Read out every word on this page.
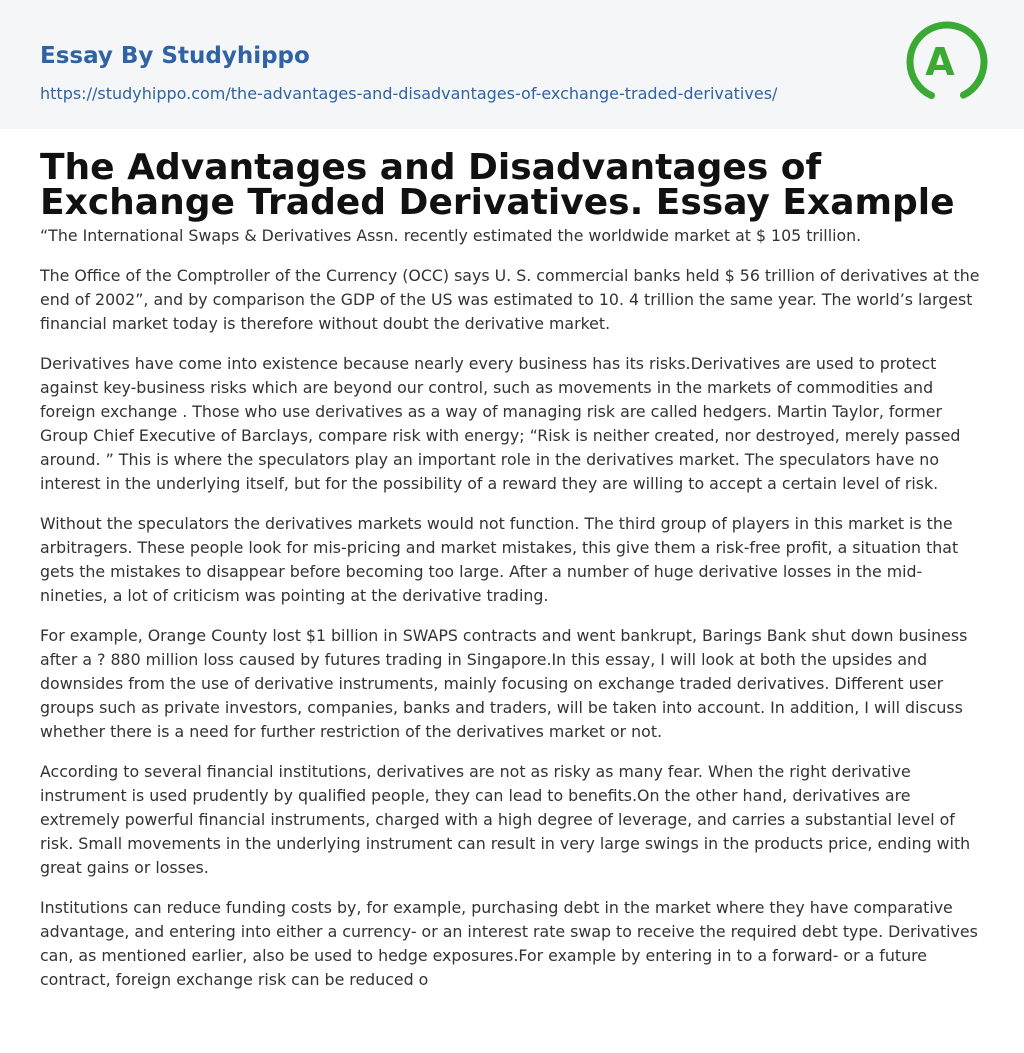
Essay By Studyhippo
https://studyhippo.com/the-advantages-and-disadvantages-of-exchange-traded-derivatives/
A
The Advantages and Disadvantages of Exchange Traded Derivatives. Essay Example

“The International Swaps & Derivatives Assn. recently estimated the worldwide market at $ 105 trillion.

The Office of the Comptroller of the Currency (OCC) says U. S. commercial banks held $ 56 trillion of derivatives at the end of 2002”, and by comparison the GDP of the US was estimated to 10. 4 trillion the same year. The world’s largest financial market today is therefore without doubt the derivative market.

Derivatives have come into existence because nearly every business has its risks.Derivatives are used to protect against key-business risks which are beyond our control, such as movements in the markets of commodities and foreign exchange . Those who use derivatives as a way of managing risk are called hedgers. Martin Taylor, former Group Chief Executive of Barclays, compare risk with energy; “Risk is neither created, nor destroyed, merely passed around. ” This is where the speculators play an important role in the derivatives market. The speculators have no interest in the underlying itself, but for the possibility of a reward they are willing to accept a certain level of risk.

Without the speculators the derivatives markets would not function. The third group of players in this market is the arbitragers. These people look for mis-pricing and market mistakes, this give them a risk-free profit, a situation that gets the mistakes to disappear before becoming too large. After a number of huge derivative losses in the mid-nineties, a lot of criticism was pointing at the derivative trading.

For example, Orange County lost $1 billion in SWAPS contracts and went bankrupt, Barings Bank shut down business after a ? 880 million loss caused by futures trading in Singapore.In this essay, I will look at both the upsides and downsides from the use of derivative instruments, mainly focusing on exchange traded derivatives. Different user groups such as private investors, companies, banks and traders, will be taken into account. In addition, I will discuss whether there is a need for further restriction of the derivatives market or not.

According to several financial institutions, derivatives are not as risky as many fear. When the right derivative instrument is used prudently by qualified people, they can lead to benefits.On the other hand, derivatives are extremely powerful financial instruments, charged with a high degree of leverage, and carries a substantial level of risk. Small movements in the underlying instrument can result in very large swings in the products price, ending with great gains or losses.

Institutions can reduce funding costs by, for example, purchasing debt in the market where they have comparative advantage, and entering into either a currency- or an interest rate swap to receive the required debt type. Derivatives can, as mentioned earlier, also be used to hedge exposures.For example by entering in to a forward- or a future contract, foreign exchange risk can be reduced o
